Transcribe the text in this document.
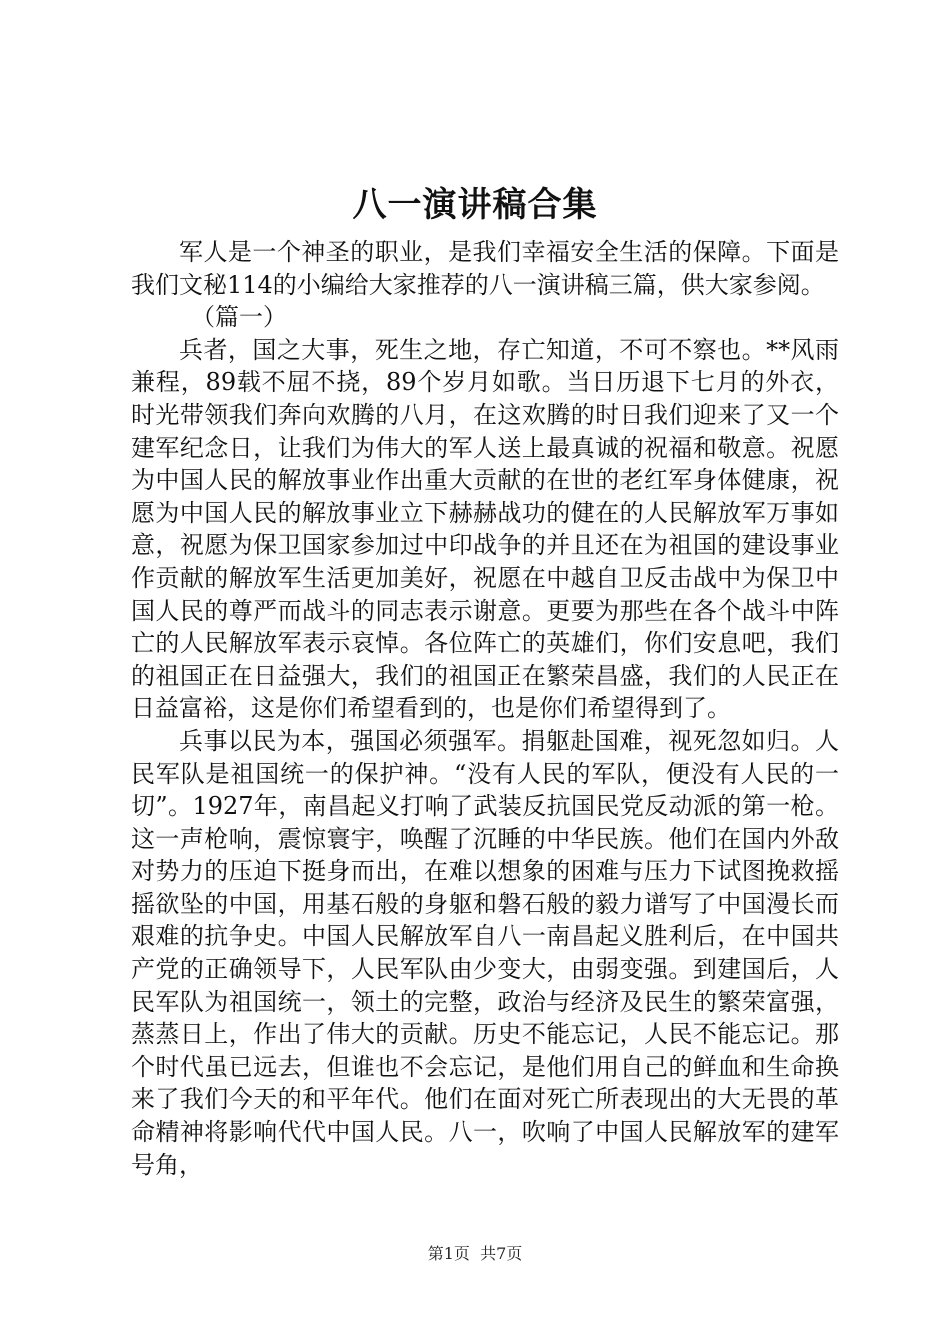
八一演讲稿合集

军人是一个神圣的职业，是我们幸福安全生活的保障。下面是我们文秘114的小编给大家推荐的八一演讲稿三篇，供大家参阅。

（篇一）

兵者，国之大事，死生之地，存亡知道，不可不察也。**风雨兼程，89载不屈不挠，89个岁月如歌。当日历退下七月的外衣，时光带领我们奔向欢腾的八月，在这欢腾的时日我们迎来了又一个建军纪念日，让我们为伟大的军人送上最真诚的祝福和敬意。祝愿为中国人民的解放事业作出重大贡献的在世的老红军身体健康，祝愿为中国人民的解放事业立下赫赫战功的健在的人民解放军万事如意，祝愿为保卫国家参加过中印战争的并且还在为祖国的建设事业作贡献的解放军生活更加美好，祝愿在中越自卫反击战中为保卫中国人民的尊严而战斗的同志表示谢意。更要为那些在各个战斗中阵亡的人民解放军表示哀悼。各位阵亡的英雄们，你们安息吧，我们的祖国正在日益强大，我们的祖国正在繁荣昌盛，我们的人民正在日益富裕，这是你们希望看到的，也是你们希望得到了。

兵事以民为本，强国必须强军。捐躯赴国难，视死忽如归。人民军队是祖国统一的保护神。“没有人民的军队，便没有人民的一切”。1927年，南昌起义打响了武装反抗国民党反动派的第一枪。这一声枪响，震惊寰宇，唤醒了沉睡的中华民族。他们在国内外敌对势力的压迫下挺身而出，在难以想象的困难与压力下试图挽救摇摇欲坠的中国，用基石般的身躯和磐石般的毅力谱写了中国漫长而艰难的抗争史。中国人民解放军自八一南昌起义胜利后，在中国共产党的正确领导下，人民军队由少变大，由弱变强。到建国后，人民军队为祖国统一，领土的完整，政治与经济及民生的繁荣富强，蒸蒸日上，作出了伟大的贡献。历史不能忘记，人民不能忘记。那个时代虽已远去，但谁也不会忘记，是他们用自己的鲜血和生命换来了我们今天的和平年代。他们在面对死亡所表现出的大无畏的革命精神将影响代代中国人民。八一，吹响了中国人民解放军的建军号角，

第1页 共7页
